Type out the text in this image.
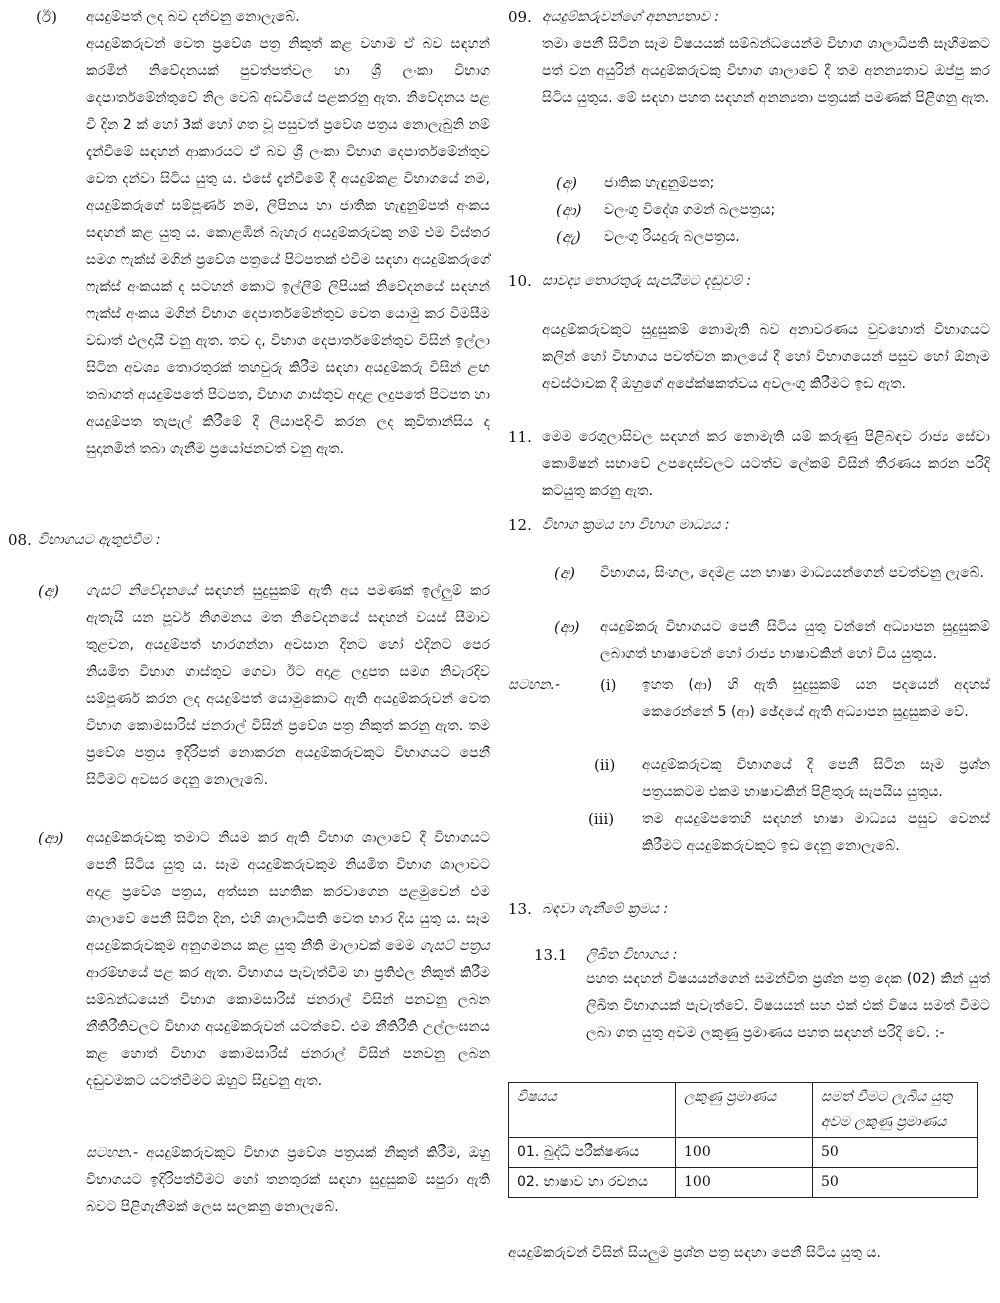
(ඊ) අයදුම්පත් ලද බව දන්වනු නොලැබේ.

අයදුම්කරුවන් වෙත ප්‍රවේශ පත්‍ර නිකුත් කළ වහාම ඒ බව සඳහන් කරමින් නිවේදනයක් පුවත්පත්වල හා ශ්‍රී ලංකා විභාග දෙපාර්තමේන්තුවේ නිල වෙබ් අඩවියේ පළකරනු ඇත. නිවේදනය පළ වී දින 2 ක් හෝ 3ක් හෝ ගත වූ පසුවත් ප්‍රවේශ පත්‍රය නොලැබුනි නම් දැන්වීමේ සඳහන් ආකාරයට ඒ බව ශ්‍රී ලංකා විභාග දෙපාර්තමේන්තුව වෙත දන්වා සිටිය යුතු ය. එසේ දැන්වීමේ දී අයදුම්කළ විභාගයේ නම, අයදුම්කරුගේ සම්පූර්ණ නම, ලිපිනය හා ජාතික හැඳුනුම්පත් අංකය සඳහන් කළ යුතු ය. කොළඹින් බැහැර අයදුම්කරුවකු නම් එම විස්තර සමග ෆැක්ස් මගින් ප්‍රවේශ පත්‍රයේ පිටපතක් එවීම සඳහා අයදුම්කරුගේ ෆැක්ස් අංකයක් ද සටහන් කොට ඉල්ලීම් ලිපියක් නිවේදනයේ සඳහන් ෆැක්ස් අංකය මගින් විභාග දෙපාර්තමේන්තුව වෙත යොමු කර විමසීම වඩාත් ඵලදායී වනු ඇත. තව ද, විභාග දෙපාර්තමේන්තුව විසින් ඉල්ලා සිටින අවශ්‍ය තොරතුරක් තහවුරු කිරීම සඳහා අයදුම්කරු විසින් ළඟ තබාගත් අයදුම්පතේ පිටපත, විභාග ගාස්තුව අදාළ ලදුපතේ පිටපත හා අයදුම්පත තැපැල් කිරීමේ දී ලියාපදිංචි කරන ලද කුවිතාන්සිය ද සුදානමින් තබා ගැනීම ප්‍රයෝජනවත් වනු ඇත.

08. විභාගයට ඇතුළුවීම :
(අ) ගැසට් නිවේදනයේ සඳහන් සුදුසුකම් ඇති අය පමණක් ඉල්ලුම් කර ඇතැයි යන පූර්ව නිගමනය මත නිවේදනයේ සඳහන් වයස් සීමාව තුළවන, අයදුම්පත් භාරගන්නා අවසාන දිනට හෝ එදිනට පෙර නියමිත විභාග ගාස්තුව ගෙවා ඊට අදාළ ලදුපත සමග නිවැරදිව සම්පූර්ණ කරන ලද අයදුම්පත් යොමුකොට ඇති අයදුම්කරුවන් වෙත විභාග කොමසාරිස් ජනරාල් විසින් ප්‍රවේශ පත්‍ර නිකුත් කරනු ඇත. තම ප්‍රවේශ පත්‍රය ඉදිරිපත් නොකරන අයදුම්කරුවකුට විභාගයට පෙනී සිටීමට අවසර දෙනු නොලැබේ.

(ආ) අයදුම්කරුවකු තමාට නියම කර ඇති විභාග ශාලාවේ දී විභාගයට පෙනී සිටිය යුතු ය. සෑම අයදුම්කරුවකුම නියමිත විභාග ශාලාවට අදාළ ප්‍රවේශ පත්‍රය, අත්සන සහතික කරවාගෙන පළමුවෙන් එම ශාලාවේ පෙනී සිටින දින, එහි ශාලාධිපති වෙත භාර දිය යුතු ය. සෑම අයදුම්කරුවකුම අනුගමනය කළ යුතු නීති මාලාවක් මෙම ගැසට් පත්‍රය ආරම්භයේ පළ කර ඇත. විභාගය පැවැත්වීම හා ප්‍රතිඵල නිකුත් කිරීම සම්බන්ධයෙන් විභාග කොමසාරිස් ජනරාල් විසින් පනවනු ලබන නීතිරීතිවලට විභාග අයදුම්කරුවන් යටත්වේ. එම නීතිරීති උල්ලංඝනය කළ හොත් විභාග කොමසාරිස් ජනරාල් විසින් පනවනු ලබන දඬුවමකට යටත්වීමට ඔහුට සිදුවනු ඇත.

සටහන.- අයදුම්කරුවකුට විභාග ප්‍රවේශ පත්‍රයක් නිකුත් කිරීම, ඔහු විභාගයට ඉදිරිපත්වීමට හෝ තනතුරක් සඳහා සුදුසුකම් සපුරා ඇති බවට පිළිගැනීමක් ලෙස සලකනු නොලැබේ.

09. අයදුම්කරුවන්ගේ අනන්‍යතාව :

තමා පෙනී සිටින සෑම විෂයයක් සම්බන්ධයෙන්ම විභාග ශාලාධිපති සෑහීමකට පත් වන අයුරින් අයදුම්කරුවකු විභාග ශාලාවේ දී තම අනන්‍යතාව ඔප්පු කර සිටිය යුතුය. මේ සඳහා පහත සඳහන් අනන්‍යතා පත්‍රයක් පමණක් පිළිගනු ඇත.

(අ) ජාතික හැඳුනුම්පත;
(ආ) වලංගු විදේශ ගමන් බලපත්‍රය;
(ඇ) වලංගු රියදුරු බලපත්‍රය.
10. සාවද්‍ය තොරතුරු සැපයීමට දඬුවම් :

අයදුම්කරුවකුට සුදුසුකම් නොමැති බව අනාවරණය වුවහොත් විභාගයට කලින් හෝ විභාගය පවත්වන කාලයේ දී හෝ විභාගයෙන් පසුව හෝ ඕනෑම අවස්ථාවක දී ඔහුගේ අපේක්ෂකත්වය අවලංගු කිරීමට ඉඩ ඇත.

11. මෙම රෙගුලාසිවල සඳහන් කර නොමැති යම් කරුණු පිළිබඳව රාජ්‍ය සේවා කොමිෂන් සභාවේ උපදෙස්වලට යටත්ව ලේකම් විසින් තීරණය කරන පරිදි කටයුතු කරනු ඇත.

12. විභාග ක්‍රමය හා විභාග මාධ්‍යය :
(අ) විභාගය, සිංහල, දෙමළ යන භාෂා මාධ්‍යයන්ගෙන් පවත්වනු ලැබේ.

(ආ) අයදුම්කරු විභාගයට පෙනී සිටිය යුතු වන්නේ අධ්‍යාපන සුදුසුකම් ලබාගත් භාෂාවෙන් හෝ රාජ්‍ය භාෂාවකින් හෝ විය යුතුය.

සටහන.-	(i) ඉහත (ආ) හි ඇති සුදුසුකම් යන පදයෙන් අදහස් කෙරෙන්නේ 5 (ආ) ඡේදයේ ඇති අධ්‍යාපන සුදුසුකම වේ.

(ii) අයදුම්කරුවකු විභාගයේ දී පෙනී සිටින සෑම ප්‍රශ්න පත්‍රයකටම එකම භාෂාවකින් පිළිතුරු සැපයිය යුතුය.

(iii) තම අයදුම්පතෙහි සඳහන් භාෂා මාධ්‍යය පසුව වෙනස් කිරීමට අයදුම්කරුවකුට ඉඩ දෙනු නොලැබේ.

13. බඳවා ගැනීමේ ක්‍රමය :
13.1 ලිඛිත විභාගය :

පහත සඳහන් විෂයයන්ගෙන් සමන්විත ප්‍රශ්න පත්‍ර දෙක (02) කින් යුත් ලිඛිත විභාගයක් පැවැත්වේ. විෂයයන් සහ එක් එක් විෂය සමත් වීමට ලබා ගත යුතු අවම ලකුණු ප්‍රමාණය පහත සඳහන් පරිදි වේ. :-

විෂයය	ලකුණු ප්‍රමාණය	සමත් වීමට ලැබිය යුතු අවම ලකුණු ප්‍රමාණය
01. බුද්ධි පරීක්ෂණය	100	50
02. භාෂාව හා රචනය	100	50

අයදුම්කරුවන් විසින් සියලුම ප්‍රශ්න පත්‍ර සඳහා පෙනී සිටිය යුතු ය.
